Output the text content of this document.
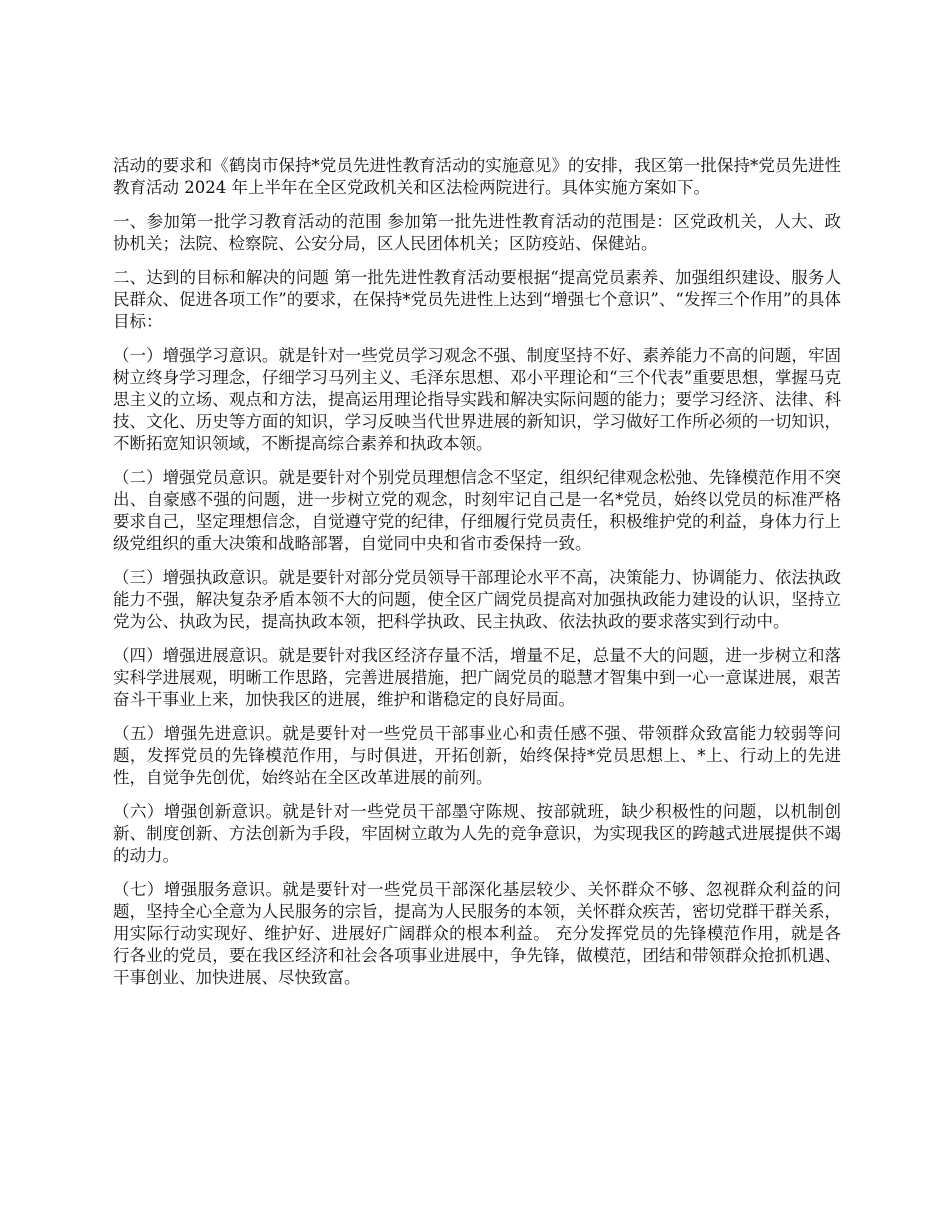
活动的要求和《鹤岗市保持*党员先进性教育活动的实施意见》的安排，我区第一批保持*党员先进性教育活动 2024 年上半年在全区党政机关和区法检两院进行。具体实施方案如下。

一、参加第一批学习教育活动的范围 参加第一批先进性教育活动的范围是：区党政机关，人大、政协机关；法院、检察院、公安分局，区人民团体机关；区防疫站、保健站。

二、达到的目标和解决的问题 第一批先进性教育活动要根据“提高党员素养、加强组织建设、服务人民群众、促进各项工作”的要求，在保持*党员先进性上达到“增强七个意识”、“发挥三个作用”的具体目标：

（一）增强学习意识。就是针对一些党员学习观念不强、制度坚持不好、素养能力不高的问题，牢固树立终身学习理念，仔细学习马列主义、毛泽东思想、邓小平理论和“三个代表”重要思想，掌握马克思主义的立场、观点和方法，提高运用理论指导实践和解决实际问题的能力；要学习经济、法律、科技、文化、历史等方面的知识，学习反映当代世界进展的新知识，学习做好工作所必须的一切知识，不断拓宽知识领域，不断提高综合素养和执政本领。

（二）增强党员意识。就是要针对个别党员理想信念不坚定，组织纪律观念松弛、先锋模范作用不突出、自豪感不强的问题，进一步树立党的观念，时刻牢记自己是一名*党员，始终以党员的标准严格要求自己，坚定理想信念，自觉遵守党的纪律，仔细履行党员责任，积极维护党的利益，身体力行上级党组织的重大决策和战略部署，自觉同中央和省市委保持一致。

（三）增强执政意识。就是要针对部分党员领导干部理论水平不高，决策能力、协调能力、依法执政能力不强，解决复杂矛盾本领不大的问题，使全区广阔党员提高对加强执政能力建设的认识，坚持立党为公、执政为民，提高执政本领，把科学执政、民主执政、依法执政的要求落实到行动中。

（四）增强进展意识。就是要针对我区经济存量不活，增量不足，总量不大的问题，进一步树立和落实科学进展观，明晰工作思路，完善进展措施，把广阔党员的聪慧才智集中到一心一意谋进展，艰苦奋斗干事业上来，加快我区的进展，维护和谐稳定的良好局面。

（五）增强先进意识。就是要针对一些党员干部事业心和责任感不强、带领群众致富能力较弱等问题，发挥党员的先锋模范作用，与时俱进，开拓创新，始终保持*党员思想上、*上、行动上的先进性，自觉争先创优，始终站在全区改革进展的前列。

（六）增强创新意识。就是针对一些党员干部墨守陈规、按部就班，缺少积极性的问题，以机制创新、制度创新、方法创新为手段，牢固树立敢为人先的竞争意识，为实现我区的跨越式进展提供不竭的动力。

（七）增强服务意识。就是要针对一些党员干部深化基层较少、关怀群众不够、忽视群众利益的问题，坚持全心全意为人民服务的宗旨，提高为人民服务的本领，关怀群众疾苦，密切党群干群关系，用实际行动实现好、维护好、进展好广阔群众的根本利益。 充分发挥党员的先锋模范作用，就是各行各业的党员，要在我区经济和社会各项事业进展中，争先锋，做模范，团结和带领群众抢抓机遇、干事创业、加快进展、尽快致富。
